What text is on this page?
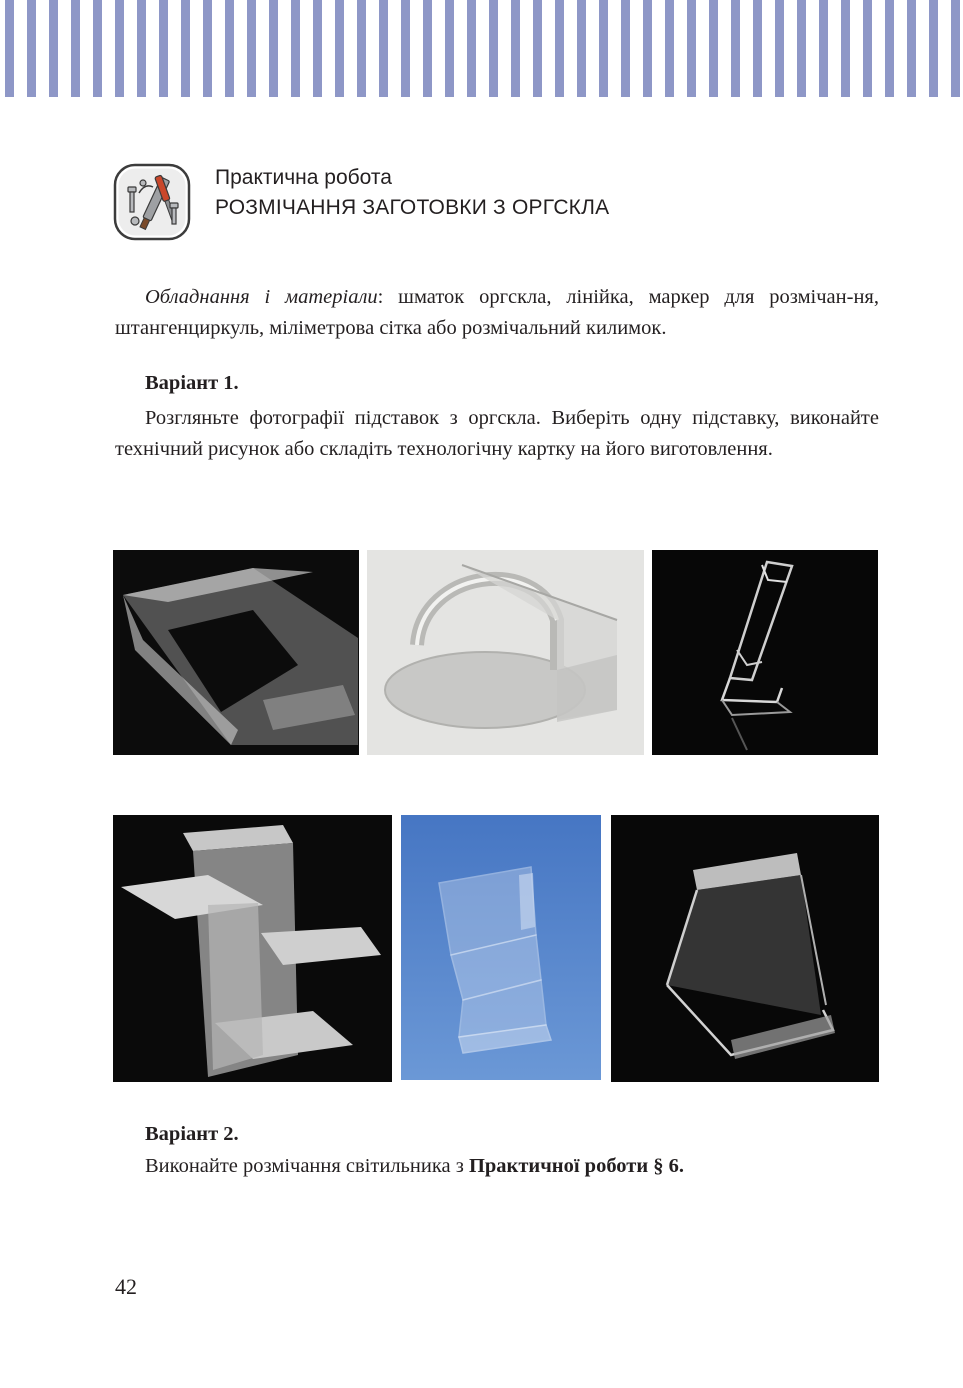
Практична робота
РОЗМІЧАННЯ ЗАГОТОВКИ З ОРГСКЛА
Обладнання і матеріали: шматок оргскла, лінійка, маркер для розмічан-ня, штангенциркуль, міліметрова сітка або розмічальний килимок.
Варіант 1.
Розгляньте фотографії підставок з оргскла. Виберіть одну підставку, виконайте технічний рисунок або складіть технологічну картку на його виготовлення.
Варіант 2.
Виконайте розмічання світильника з Практичної роботи § 6.
42
